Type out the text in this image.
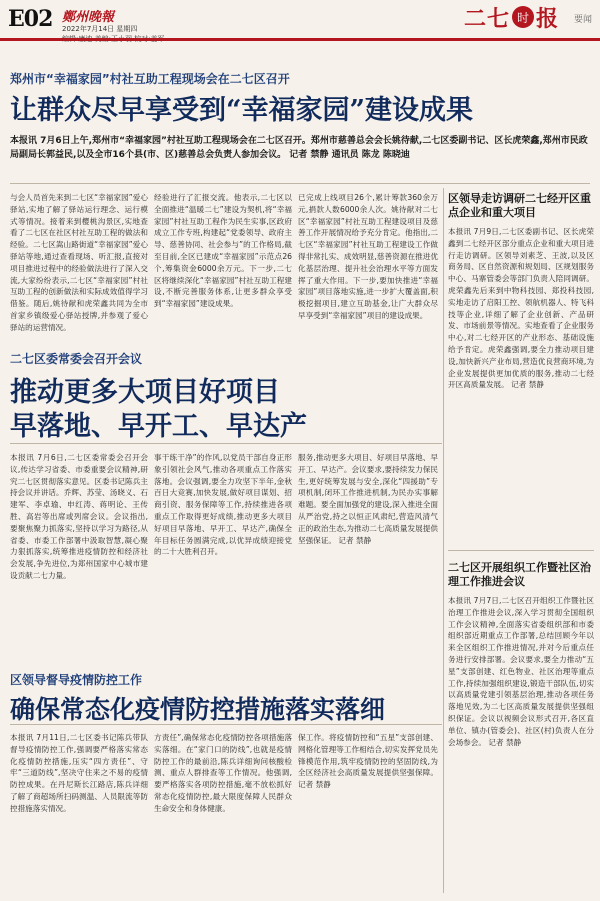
E02 鄭州晚報
2022年7月14日 星期四	二七 时 报 要闻
郑州市“幸福家园”村社互助工程现场会在二七区召开
让群众尽早享受到“幸福家园”建设成果
本报讯 7月6日上午,郑州市“幸福家园”村社互助工程现场会在二七区召开。郑州市慈善总会会长姚待献,二七区委副书记、区长虎荣鑫,郑州市民政局副局长郭益民,以及全市16个县(市、区)慈善总会负责人参加会议。 记者 禁静 通讯员 陈龙 陈晓迪
与会人员首先来到二七区“幸福家园”爱心驿站,实地了解了驿站运行理念、运行模式等情况。接着来到樱桃沟景区,实地查看了二七区在社区村社互助工程的做法和经验。二七区嵩山路街道“幸福家园”爱心驿站等地,通过查看现场、听汇报,直接对项目推进过程中的经验做法进行了深入交流,大家纷纷表示,二七区“幸福家园”村社互助工程的创新做法和实际成效值得学习借鉴。随后,姚待献和虎荣鑫共同为全市首家乡镇级爱心驿站授牌,并参观了爱心驿站的运营情况。
经验进行了汇报交流。他表示,二七区以全面推进“温暖二七”建设为契机,将“幸福家园”村社互助工程作为民生实事,区政府成立工作专班,构建起“党委领导、政府主导、慈善协同、社会参与”的工作格局,截至目前,全区已建成“幸福家园”示范点26个,筹集资金6000余万元。下一步,二七区将继续深化“幸福家园”村社互助工程建设,不断完善服务体系,让更多群众享受到“幸福家园”建设成果。
已完成上线项目26个,累计筹款360余万元,捐款人数6000余人次。姚待献对二七区“幸福家园”村社互助工程建设项目及慈善工作开展情况给予充分肯定。他指出,二七区“幸福家园”村社互助工程建设工作做得非常扎实、成效明显,慈善资源在推进优化基层治理、提升社会治理水平等方面发挥了重大作用。下一步,要加快推进“幸福家园”项目落地实施,进一步扩大覆盖面,积极挖掘项目,建立互助基金,让广大群众尽早享受到“幸福家园”项目的建设成果。
二七区委常委会召开会议
推动更多大项目好项目
早落地、早开工、早达产
本报讯 7月6日,二七区委常委会召开会议,传达学习省委、市委重要会议精神,研究二七区贯彻落实意见。区委书记陈兵主持会议并讲话。乔辉、苏莹、汤晓义、石建军、李卓瑜、申红涛、蒋明论、王传胜、高岩等出席或列席会议。会议指出,要聚焦聚力抓落实,坚持以学习为路径,从省委、市委工作部署中汲取智慧,凝心聚力狠抓落实,统筹推进疫情防控和经济社会发展,争先进位,为郑州国家中心城市建设贡献二七力量。
事干练干净”的作风,以党员干部自身正形象引领社会风气,推动各项重点工作落实落地。会议强调,要全力攻坚下半年,金秋百日大竞赛,加快发展,做好项目谋划、招商引资、服务保障等工作,持续推进各项重点工作取得更好成绩,推动更多大项目好项目早落地、早开工、早达产,确保全年目标任务圆满完成,以优异成绩迎接党的二十大胜利召开。
服务,推动更多大项目、好项目早落地、早开工、早达产。会议要求,要持续发力保民生,更好统筹发展与安全,深化“四援助”专项机制,闭环工作推进机制,为民办实事解难题。要全面加强党的建设,深入推进全面从严治党,持之以恒正风肃纪,营造风清气正的政治生态,为推动二七高质量发展提供坚强保证。 记者 禁静
区领导督导疫情防控工作
确保常态化疫情防控措施落实落细
本报讯 7月11日,二七区委书记陈兵带队督导疫情防控工作,强调要严格落实常态化疫情防控措施,压实“四方责任”、守牢“三道防线”,坚决守住来之不易的疫情防控成果。在丹尼斯长江路店,陈兵详细了解了商超场所扫码测温、人员限流等防控措施落实情况。
方责任”,确保常态化疫情防控各项措施落实落细。在“家门口的防线”,也就是疫情防控工作的最前沿,陈兵详细询问核酸检测、重点人群排查等工作情况。他强调,要严格落实各项防控措施,毫不放松抓好常态化疫情防控,最大限度保障人民群众生命安全和身体健康。
保工作。将疫情防控和“五星”支部创建、网格化管理等工作相结合,切实发挥党员先锋模范作用,筑牢疫情防控的坚固防线,为全区经济社会高质量发展提供坚强保障。 记者 禁静
区领导走访调研二七经开区重点企业和重大项目
本报讯 7月9日,二七区委副书记、区长虎荣鑫到二七经开区部分重点企业和重大项目进行走访调研。区领导刘素芝、王波,以及区商务局、区自然资源和规划局、区规划服务中心、马寨管委会等部门负责人陪同调研。虎荣鑫先后来到中物科技园、郑投科技园,实地走访了启阳工控、领航机器人、特飞科技等企业,详细了解了企业创新、产品研发、市场前景等情况。实地查看了企业服务中心,对二七经开区的产业形态、基础设施给予肯定。虎荣鑫强调,要全力推动项目建设,加快新兴产业布局,营造优良营商环境,为企业发展提供更加优质的服务,推动二七经开区高质量发展。 记者 禁静
二七区开展组织工作暨社区治理工作推进会议
本报讯 7月7日,二七区召开组织工作暨社区治理工作推进会议,深入学习贯彻全国组织工作会议精神,全面落实省委组织部和市委组织部近期重点工作部署,总结回顾今年以来全区组织工作推进情况,并对今后重点任务进行安排部署。会议要求,要全力推动“五星”支部创建、红色物业、社区治理等重点工作,持续加强组织建设,锻造干部队伍,切实以高质量党建引领基层治理,推动各项任务落地见效,为二七区高质量发展提供坚强组织保证。会议以视频会议形式召开,各区直单位、镇办(管委会)、社区(村)负责人在分会场参会。 记者 禁静
